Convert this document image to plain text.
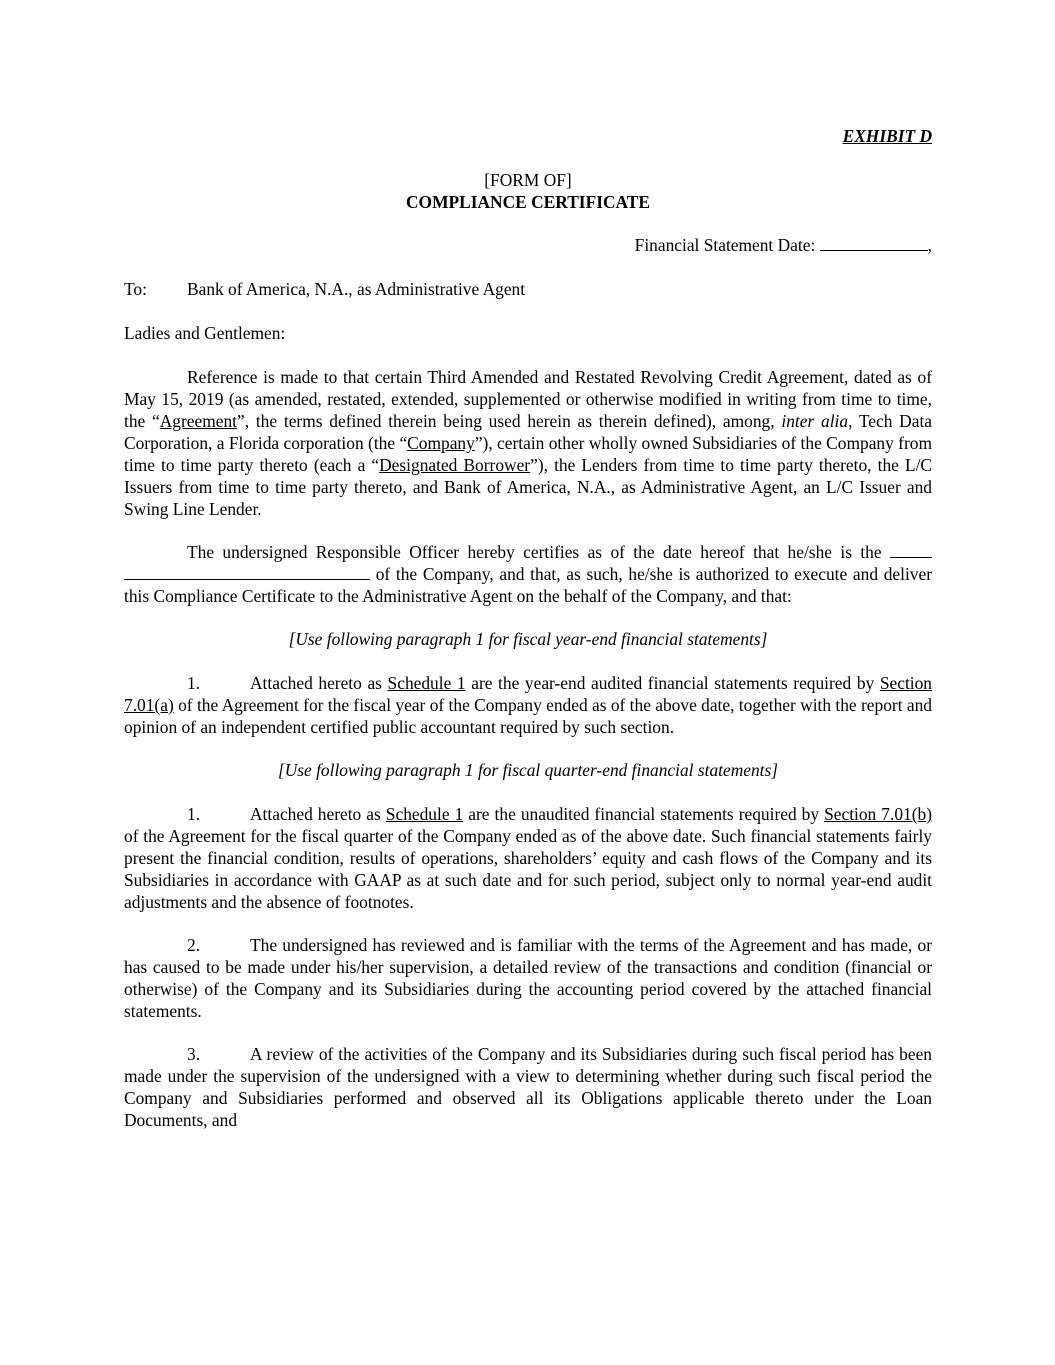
EXHIBIT D
[FORM OF]
COMPLIANCE CERTIFICATE
Financial Statement Date:	,
To: Bank of America, N.A., as Administrative Agent
Ladies and Gentlemen:

Reference is made to that certain Third Amended and Restated Revolving Credit Agreement, dated as of May 15, 2019 (as amended, restated, extended, supplemented or otherwise modified in writing from time to time, the “Agreement”, the terms defined therein being used herein as therein defined), among, inter alia, Tech Data Corporation, a Florida corporation (the “Company”), certain other wholly owned Subsidiaries of the Company from time to time party thereto (each a “Designated Borrower”), the Lenders from time to time party thereto, the L/C Issuers from time to time party thereto, and Bank of America, N.A., as Administrative Agent, an L/C Issuer and Swing Line Lender.

The undersigned Responsible Officer hereby certifies as of the date hereof that he/she is the   of the Company, and that, as such, he/she is authorized to execute and deliver this Compliance Certificate to the Administrative Agent on the behalf of the Company, and that:

[Use following paragraph 1 for fiscal year-end financial statements]

1.	Attached hereto as Schedule 1 are the year-end audited financial statements required by Section 7.01(a) of the Agreement for the fiscal year of the Company ended as of the above date, together with the report and opinion of an independent certified public accountant required by such section.

[Use following paragraph 1 for fiscal quarter-end financial statements]

1.	Attached hereto as Schedule 1 are the unaudited financial statements required by Section 7.01(b) of the Agreement for the fiscal quarter of the Company ended as of the above date. Such financial statements fairly present the financial condition, results of operations, shareholders’ equity and cash flows of the Company and its Subsidiaries in accordance with GAAP as at such date and for such period, subject only to normal year-end audit adjustments and the absence of footnotes.

2.	The undersigned has reviewed and is familiar with the terms of the Agreement and has made, or has caused to be made under his/her supervision, a detailed review of the transactions and condition (financial or otherwise) of the Company and its Subsidiaries during the accounting period covered by the attached financial statements.

3.	A review of the activities of the Company and its Subsidiaries during such fiscal period has been made under the supervision of the undersigned with a view to determining whether during such fiscal period the Company and Subsidiaries performed and observed all its Obligations applicable thereto under the Loan Documents, and
